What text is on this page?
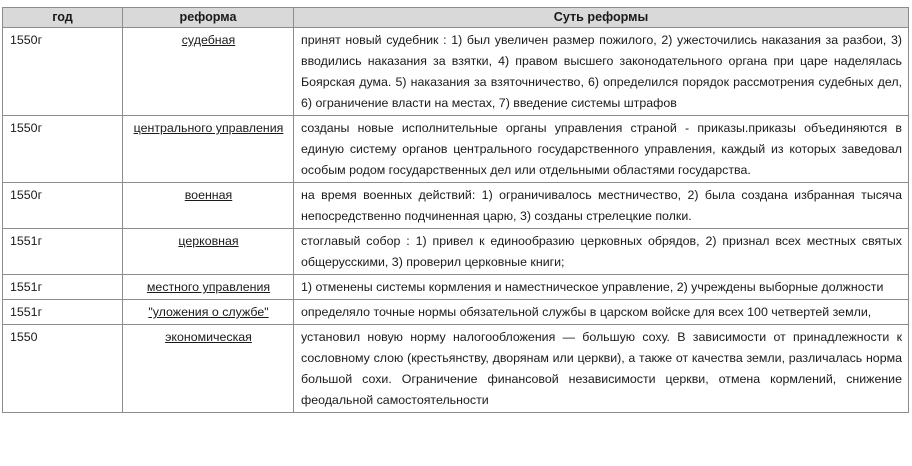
год	реформа	Суть реформы
1550г	судебная	принят новый судебник : 1) был увеличен размер пожилого, 2) ужесточились наказания за разбои, 3) вводились наказания за взятки, 4) правом высшего законодательного органа при царе наделялась Боярская дума. 5) наказания за взяточничество, 6) определился порядок рассмотрения судебных дел, 6) ограничение власти на местах, 7) введение системы штрафов
1550г	центрального управления	созданы новые исполнительные органы управления страной - приказы.приказы объединяются в единую систему органов центрального государственного управления, каждый из которых заведовал особым родом государственных дел или отдельными областями государства.
1550г	военная	на время военных действий: 1) ограничивалось местничество, 2) была создана избранная тысяча непосредственно подчиненная царю, 3) созданы стрелецкие полки.
1551г	церковная	стоглавый собор : 1) привел к единообразию церковных обрядов, 2) признал всех местных святых общерусскими, 3) проверил церковные книги;
1551г	местного управления	1) отменены системы кормления и наместническое управление, 2) учреждены выборные должности
1551г	"уложения о службе"	определяло точные нормы обязательной службы в царском войске для всех 100 четвертей земли,
1550	экономическая	установил новую норму налогообложения — большую соху. В зависимости от принадлежности к сословному слою (крестьянству, дворянам или церкви), а также от качества земли, различалась норма большой сохи. Ограничение финансовой независимости церкви, отмена кормлений, снижение феодальной самостоятельности
